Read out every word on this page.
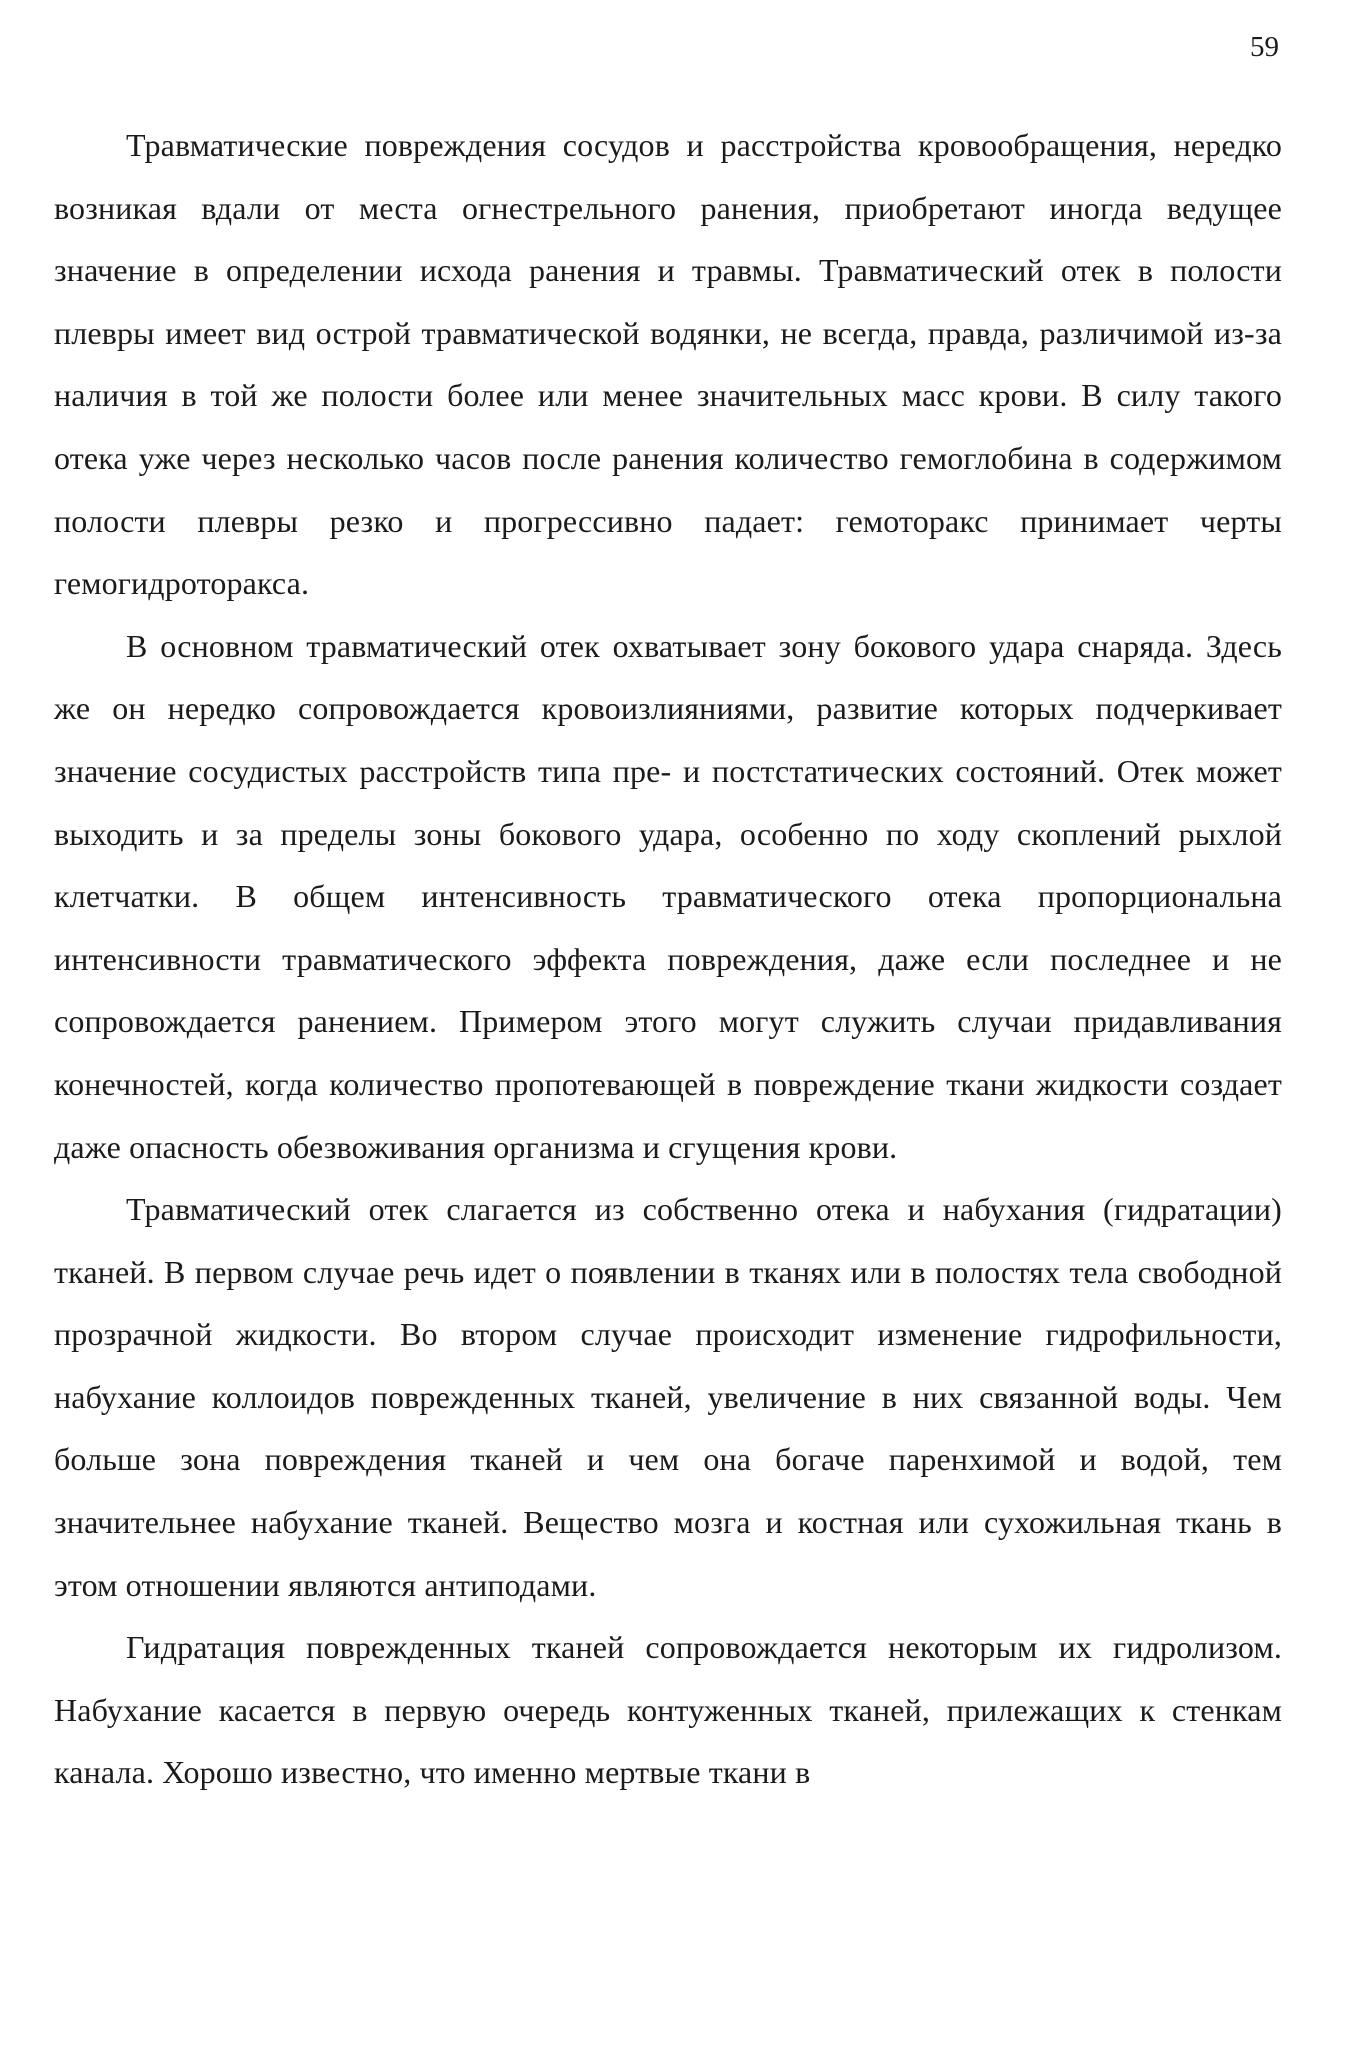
59

Травматические повреждения сосудов и расстройства кровообращения, нередко возникая вдали от места огнестрельного ранения, приобретают иногда ведущее значение в определении исхода ранения и травмы. Травматический отек в полости плевры имеет вид острой травматической водянки, не всегда, правда, различимой из-за наличия в той же полости более или менее значительных масс крови. В силу такого отека уже через несколько часов после ранения количество гемоглобина в содержимом полости плевры резко и прогрессивно падает: гемоторакс принимает черты гемогидроторакса.

В основном травматический отек охватывает зону бокового удара снаряда. Здесь же он нередко сопровождается кровоизлияниями, развитие которых подчеркивает значение сосудистых расстройств типа пре- и постстатических состояний. Отек может выходить и за пределы зоны бокового удара, особенно по ходу скоплений рыхлой клетчатки. В общем интенсивность травматического отека пропорциональна интенсивности травматического эффекта повреждения, даже если последнее и не сопровождается ранением. Примером этого могут служить случаи придавливания конечностей, когда количество пропотевающей в повреждение ткани жидкости создает даже опасность обезвоживания организма и сгущения крови.

Травматический отек слагается из собственно отека и набухания (гидратации) тканей. В первом случае речь идет о появлении в тканях или в полостях тела свободной прозрачной жидкости. Во втором случае происходит изменение гидрофильности, набухание коллоидов поврежденных тканей, увеличение в них связанной воды. Чем больше зона повреждения тканей и чем она богаче паренхимой и водой, тем значительнее набухание тканей. Вещество мозга и костная или сухожильная ткань в этом отношении являются антиподами.

Гидратация поврежденных тканей сопровождается некоторым их гидролизом. Набухание касается в первую очередь контуженных тканей, прилежащих к стенкам канала. Хорошо известно, что именно мертвые ткани в
